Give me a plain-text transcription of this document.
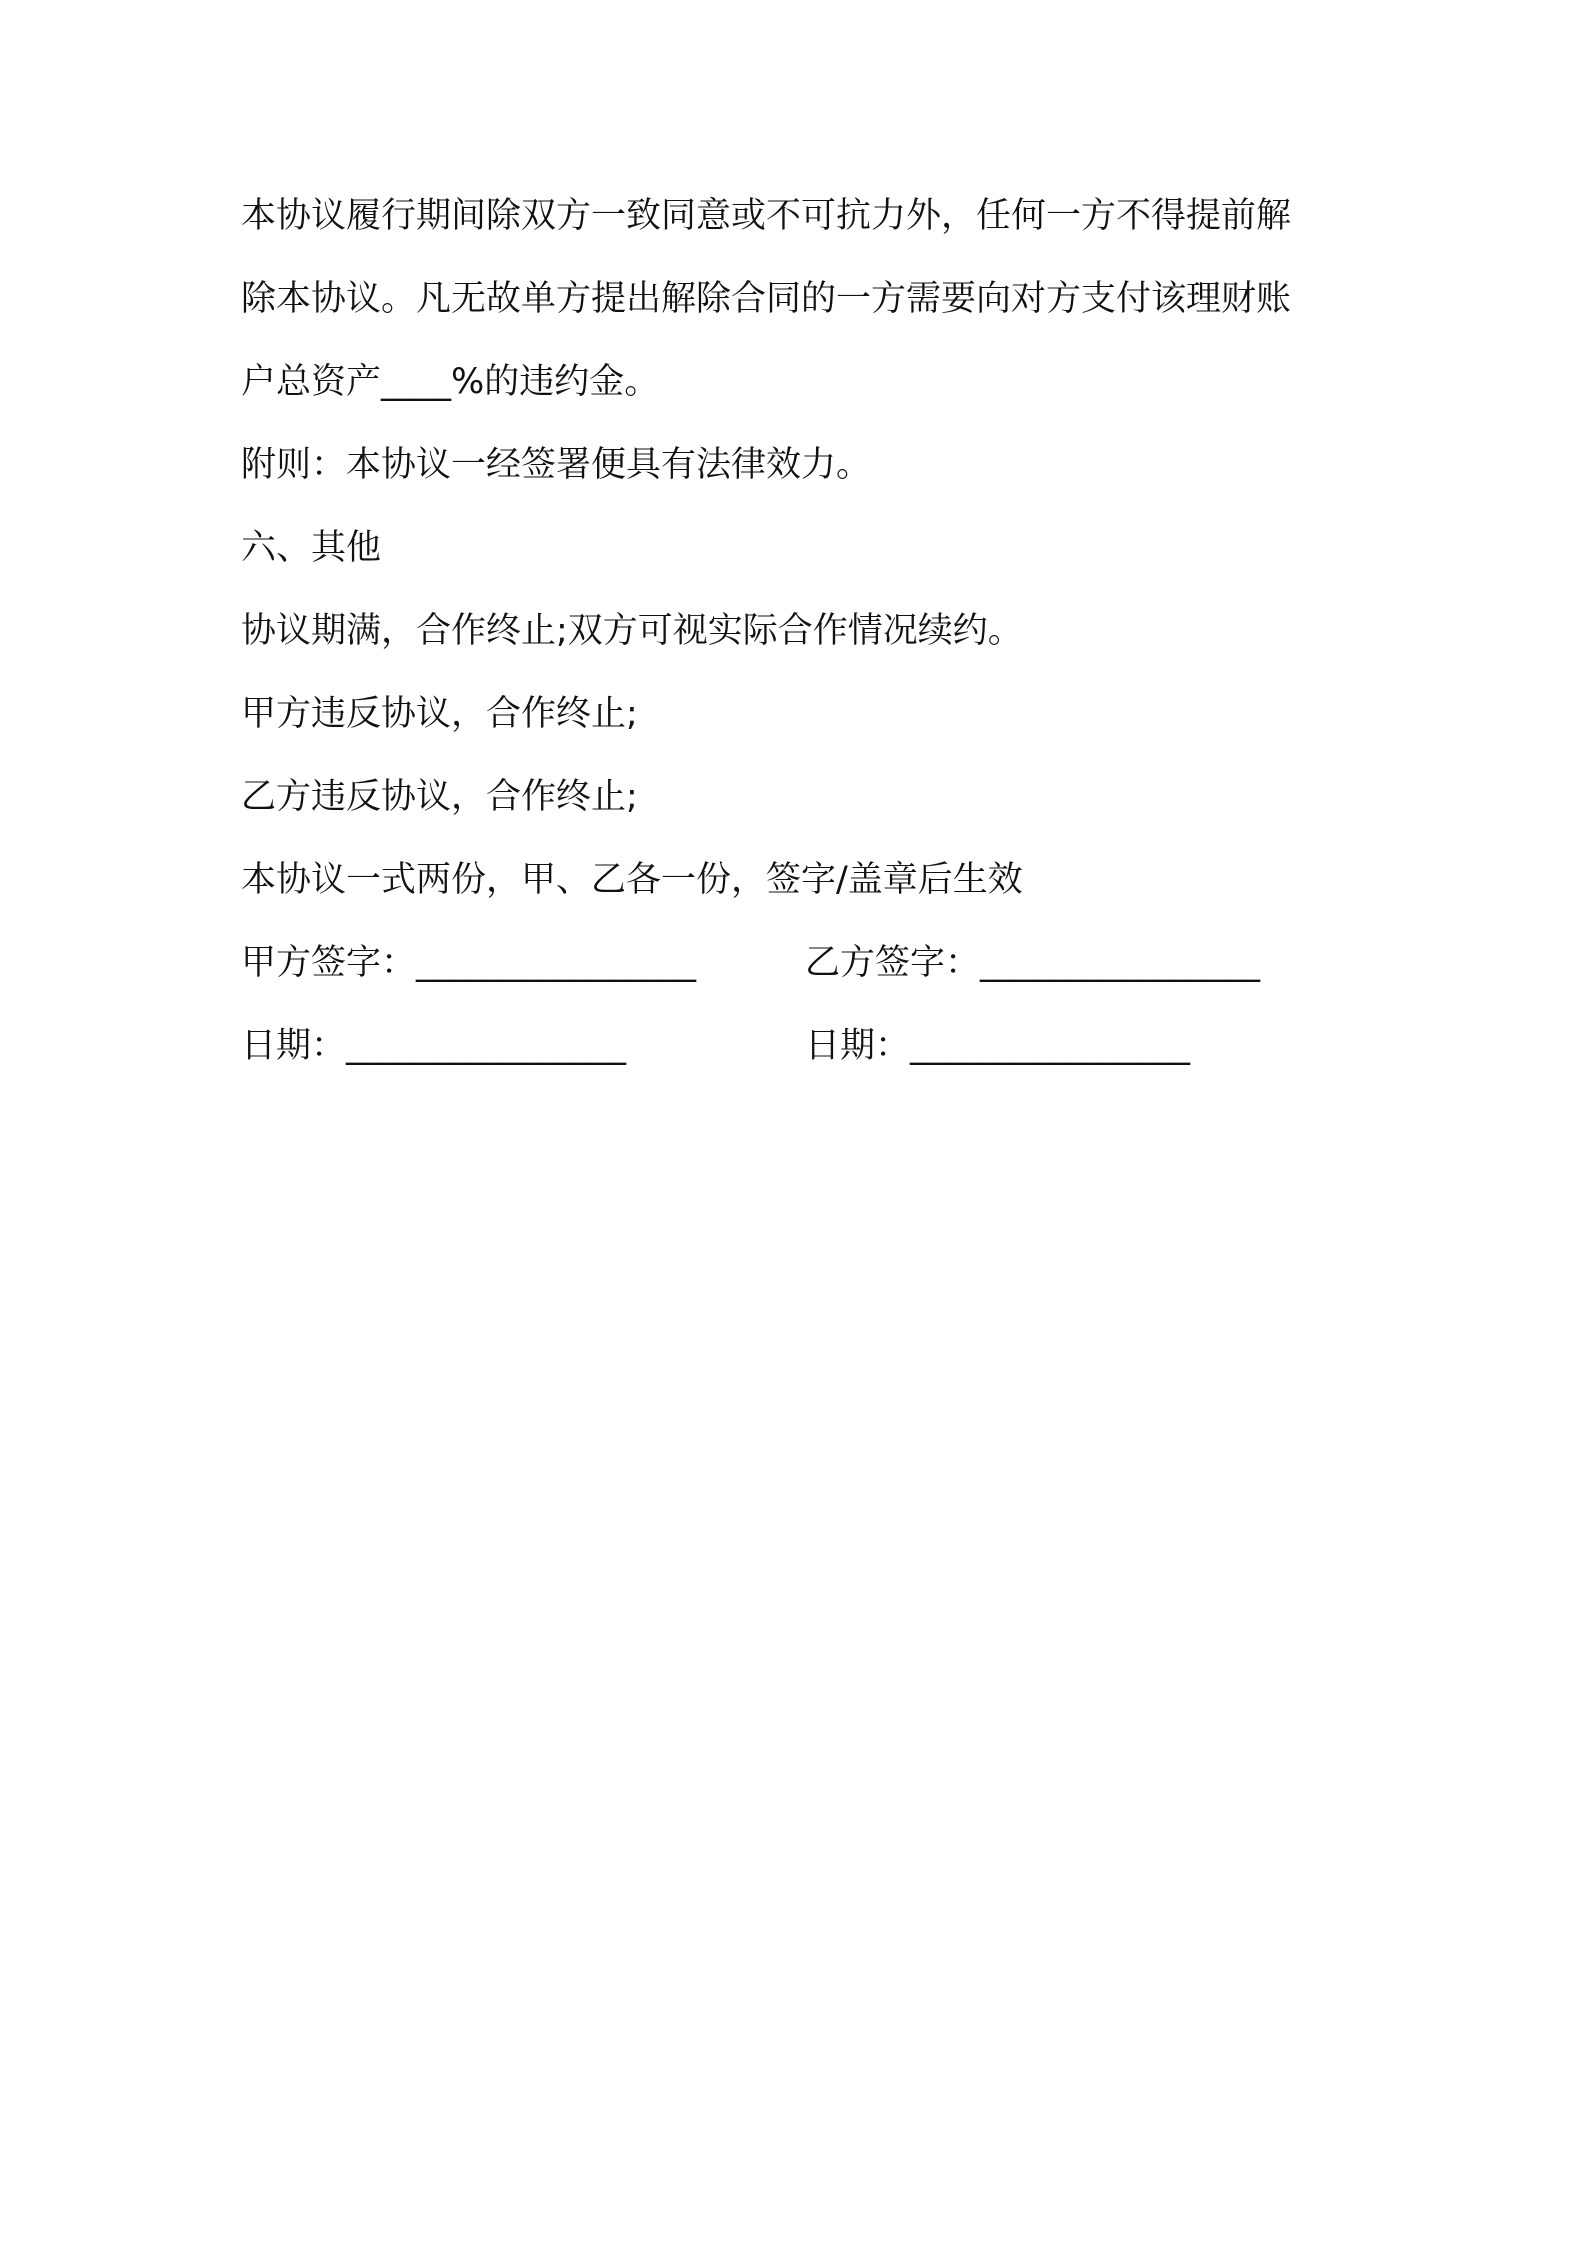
本协议履行期间除双方一致同意或不可抗力外，任何一方不得提前解
除本协议。凡无故单方提出解除合同的一方需要向对方支付该理财账
户总资产____%的违约金。
附则：本协议一经签署便具有法律效力。
六、其他
协议期满，合作终止;双方可视实际合作情况续约。
甲方违反协议，合作终止;
乙方违反协议，合作终止;
本协议一式两份，甲、乙各一份，签字/盖章后生效
甲方签字：________________	乙方签字：________________
日期：________________	日期：________________
